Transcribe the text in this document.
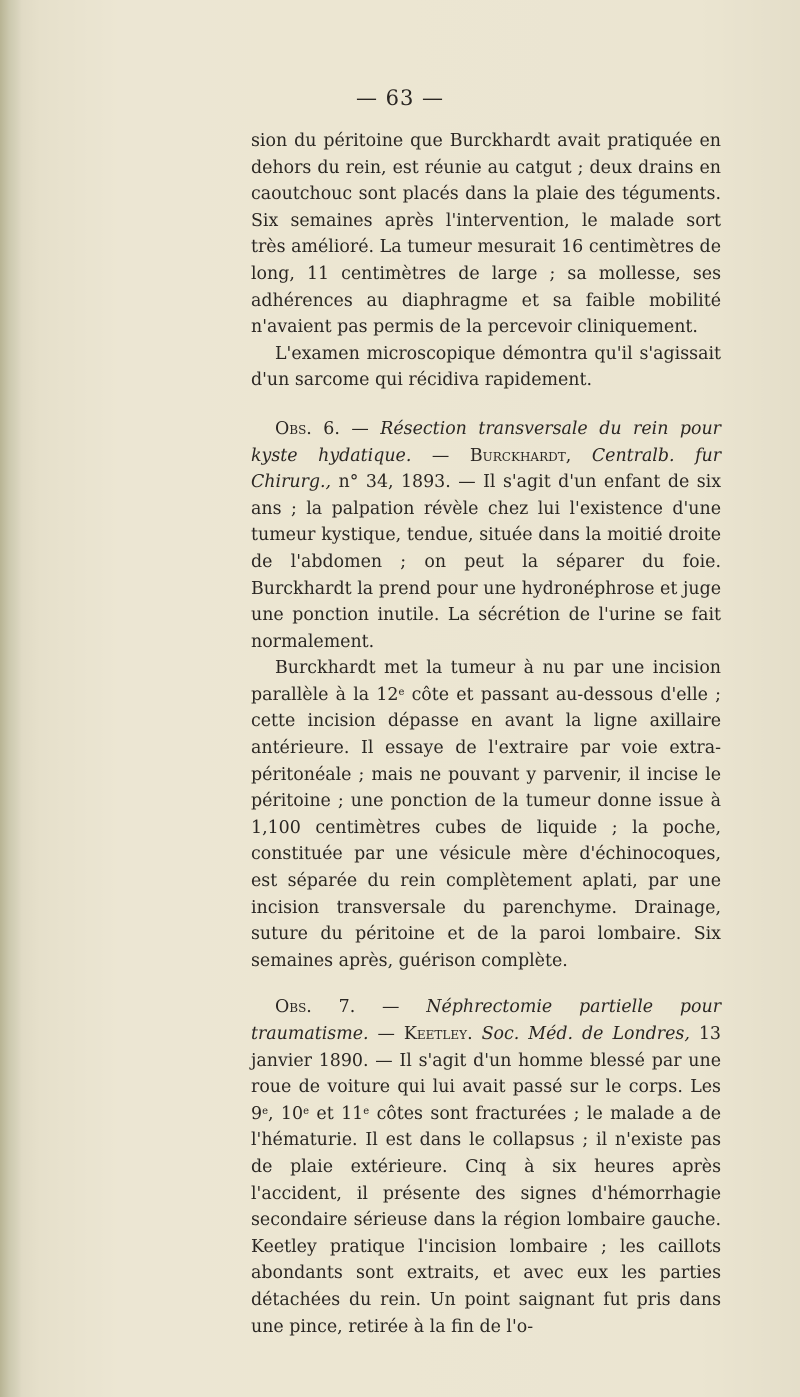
— 63 —

sion du péritoine que Burckhardt avait pratiquée en dehors du rein, est réunie au catgut ; deux drains en caoutchouc sont placés dans la plaie des téguments. Six semaines après l'intervention, le malade sort très amélioré. La tumeur mesurait 16 centimètres de long, 11 centimètres de large ; sa mollesse, ses adhérences au diaphragme et sa faible mobilité n'avaient pas permis de la percevoir cliniquement.

L'examen microscopique démontra qu'il s'agissait d'un sarcome qui récidiva rapidement.

Obs. 6. — Résection transversale du rein pour kyste hydatique. — Burckhardt, Centralb. fur Chirurg., n° 34, 1893. — Il s'agit d'un enfant de six ans ; la palpation révèle chez lui l'existence d'une tumeur kystique, tendue, située dans la moitié droite de l'abdomen ; on peut la séparer du foie. Burckhardt la prend pour une hydronéphrose et juge une ponction inutile. La sécrétion de l'urine se fait normalement.

Burckhardt met la tumeur à nu par une incision parallèle à la 12e côte et passant au-dessous d'elle ; cette incision dépasse en avant la ligne axillaire antérieure. Il essaye de l'extraire par voie extra-péritonéale ; mais ne pouvant y parvenir, il incise le péritoine ; une ponction de la tumeur donne issue à 1,100 centimètres cubes de liquide ; la poche, constituée par une vésicule mère d'échinocoques, est séparée du rein complètement aplati, par une incision transversale du parenchyme. Drainage, suture du péritoine et de la paroi lombaire. Six semaines après, guérison complète.

Obs. 7. — Néphrectomie partielle pour traumatisme. — Keetley. Soc. Méd. de Londres, 13 janvier 1890. — Il s'agit d'un homme blessé par une roue de voiture qui lui avait passé sur le corps. Les 9e, 10e et 11e côtes sont fracturées ; le malade a de l'hématurie. Il est dans le collapsus ; il n'existe pas de plaie extérieure. Cinq à six heures après l'accident, il présente des signes d'hémorrhagie secondaire sérieuse dans la région lombaire gauche. Keetley pratique l'incision lombaire ; les caillots abondants sont extraits, et avec eux les parties détachées du rein. Un point saignant fut pris dans une pince, retirée à la fin de l'o-
